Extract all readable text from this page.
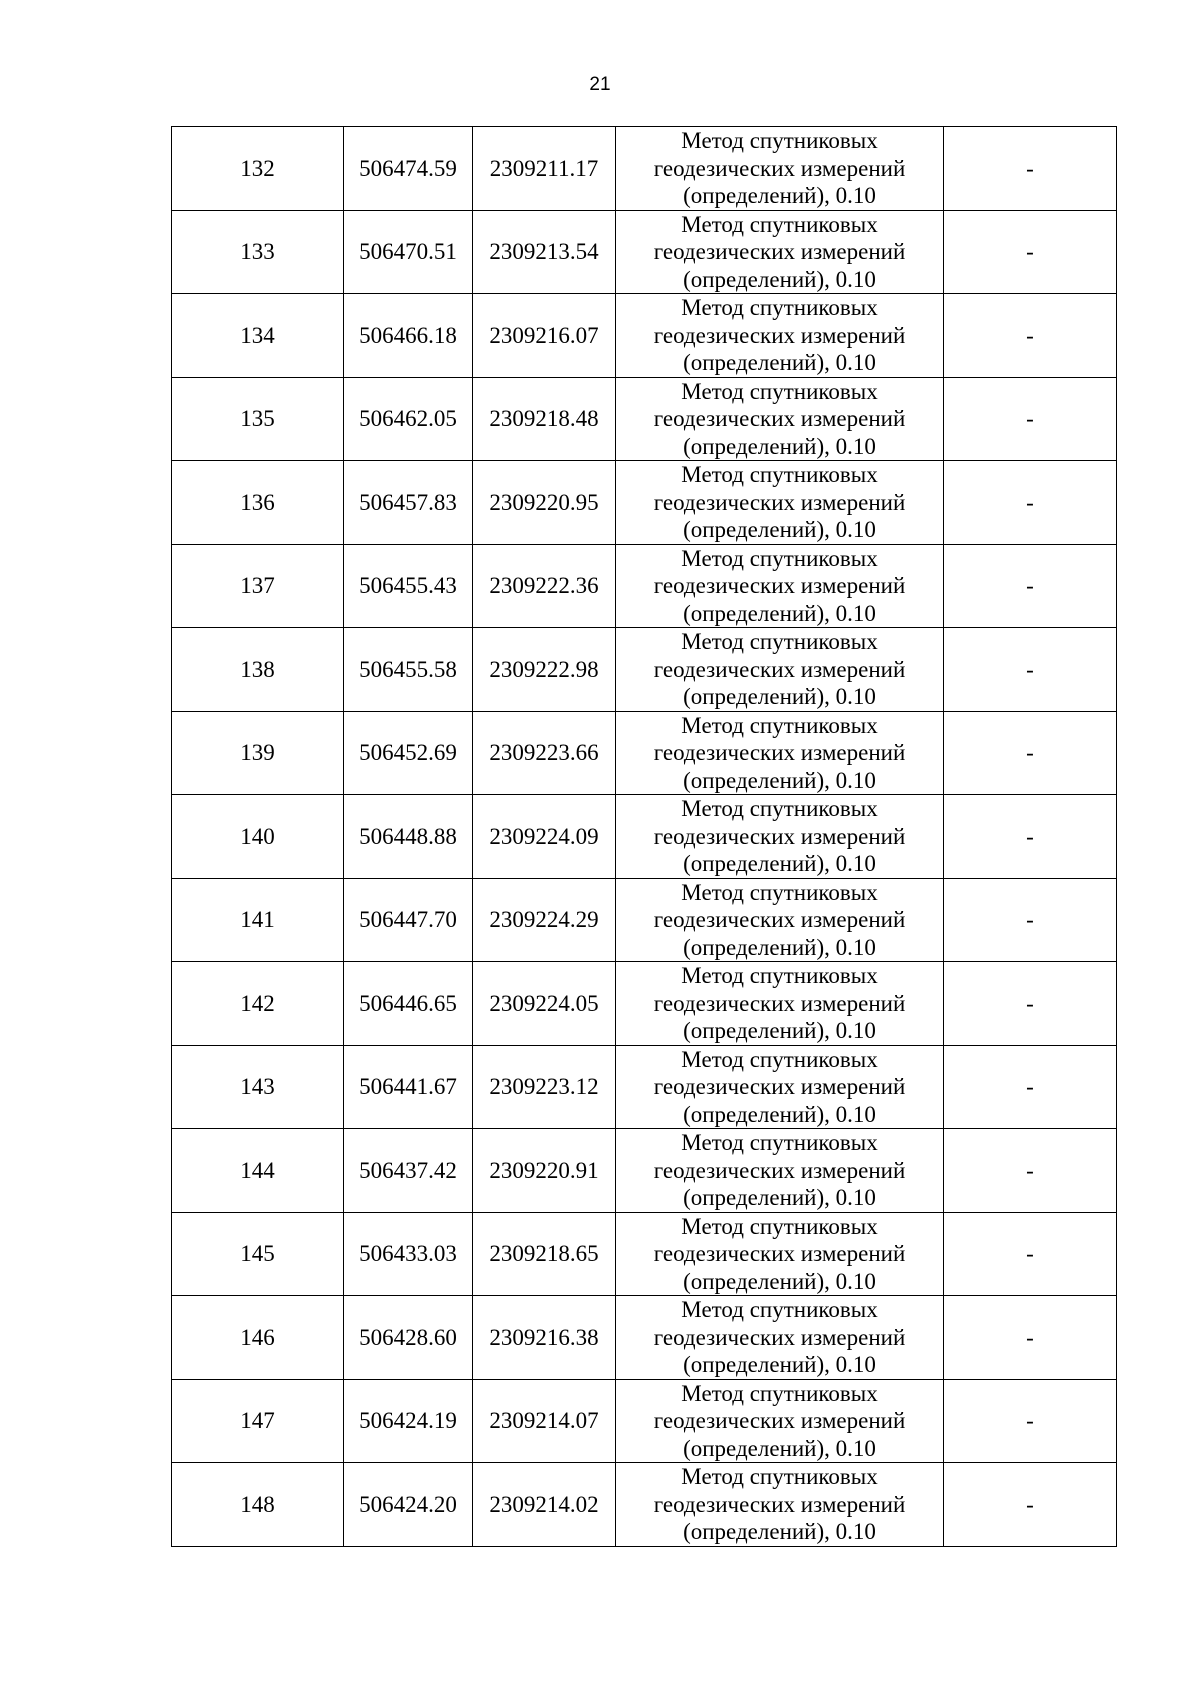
21
132	506474.59	2309211.17	Метод спутниковых
геодезических измерений
(определений), 0.10	-
133	506470.51	2309213.54	Метод спутниковых
геодезических измерений
(определений), 0.10	-
134	506466.18	2309216.07	Метод спутниковых
геодезических измерений
(определений), 0.10	-
135	506462.05	2309218.48	Метод спутниковых
геодезических измерений
(определений), 0.10	-
136	506457.83	2309220.95	Метод спутниковых
геодезических измерений
(определений), 0.10	-
137	506455.43	2309222.36	Метод спутниковых
геодезических измерений
(определений), 0.10	-
138	506455.58	2309222.98	Метод спутниковых
геодезических измерений
(определений), 0.10	-
139	506452.69	2309223.66	Метод спутниковых
геодезических измерений
(определений), 0.10	-
140	506448.88	2309224.09	Метод спутниковых
геодезических измерений
(определений), 0.10	-
141	506447.70	2309224.29	Метод спутниковых
геодезических измерений
(определений), 0.10	-
142	506446.65	2309224.05	Метод спутниковых
геодезических измерений
(определений), 0.10	-
143	506441.67	2309223.12	Метод спутниковых
геодезических измерений
(определений), 0.10	-
144	506437.42	2309220.91	Метод спутниковых
геодезических измерений
(определений), 0.10	-
145	506433.03	2309218.65	Метод спутниковых
геодезических измерений
(определений), 0.10	-
146	506428.60	2309216.38	Метод спутниковых
геодезических измерений
(определений), 0.10	-
147	506424.19	2309214.07	Метод спутниковых
геодезических измерений
(определений), 0.10	-
148	506424.20	2309214.02	Метод спутниковых
геодезических измерений
(определений), 0.10	-
